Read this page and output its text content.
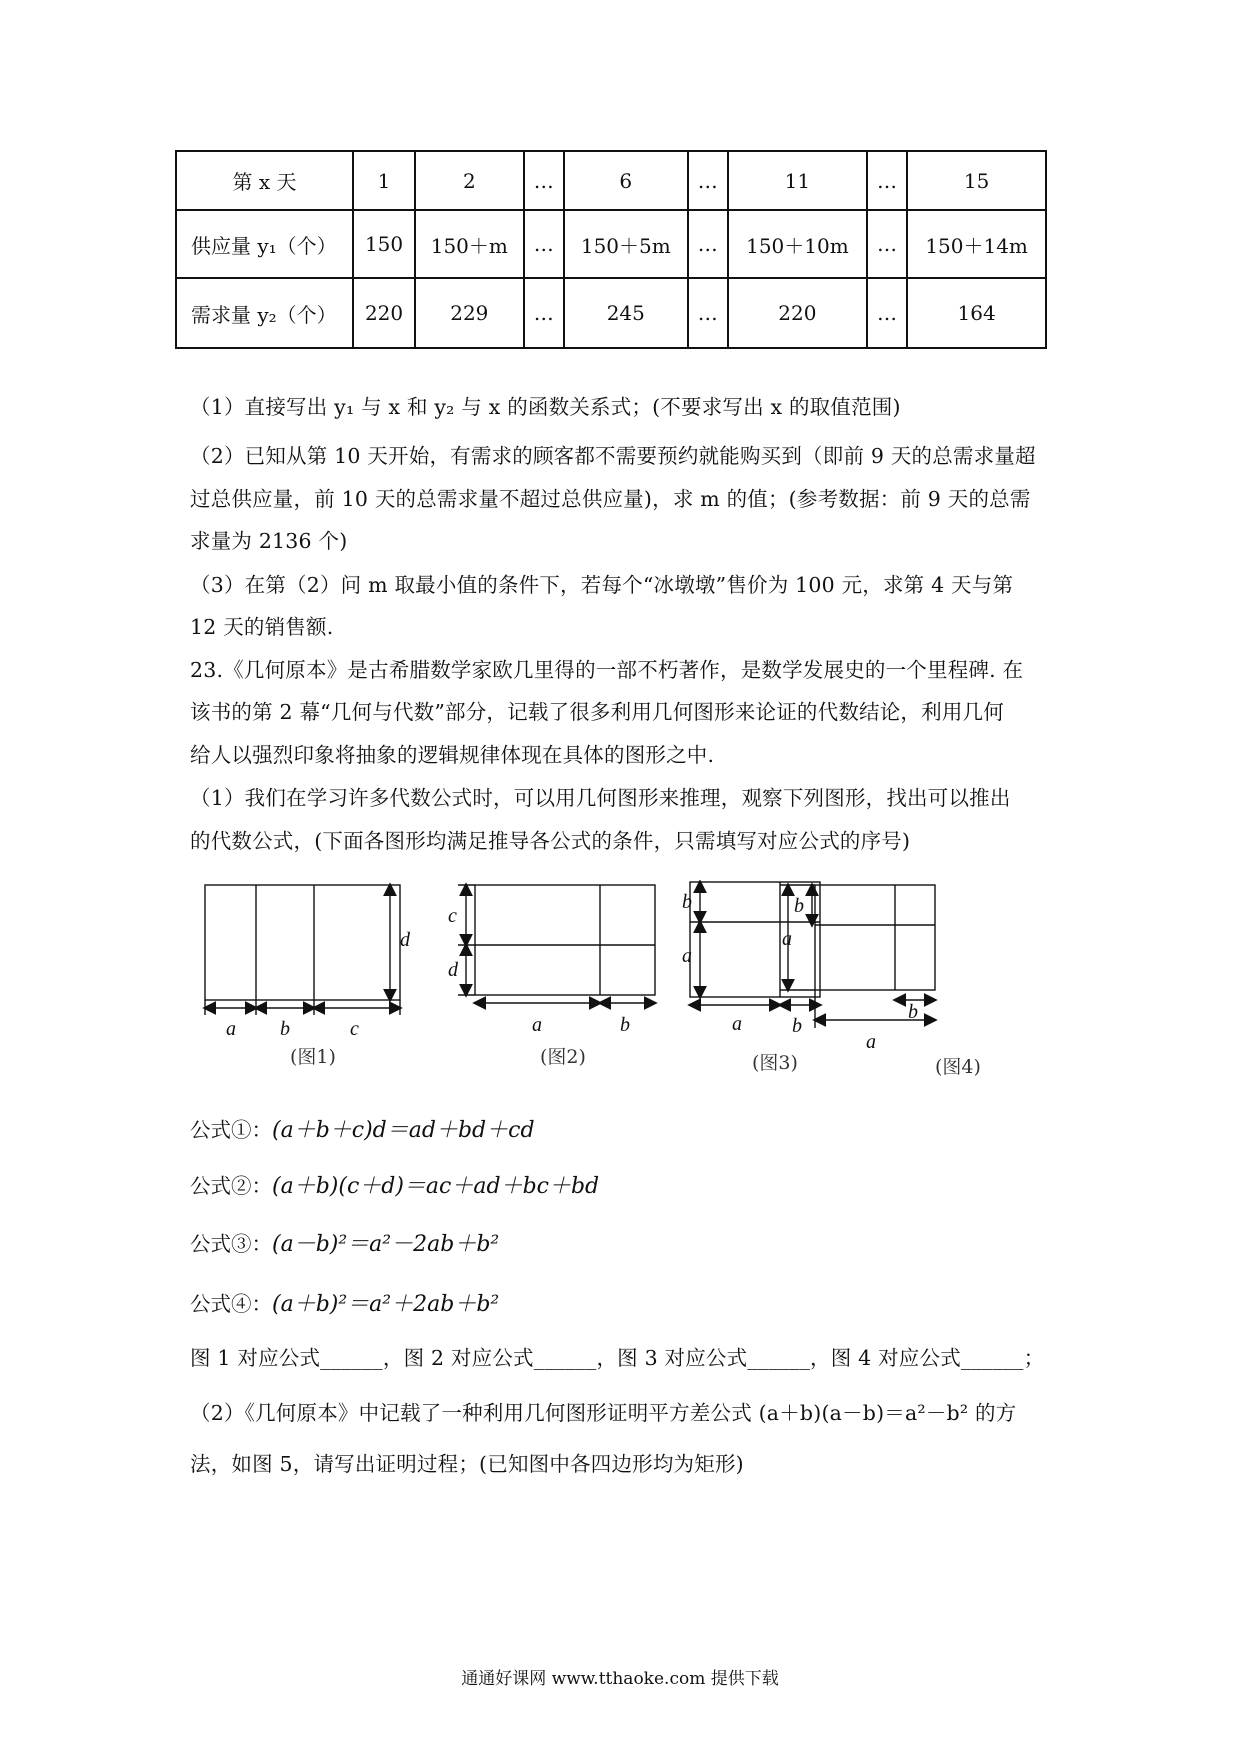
第 x 天	1	2	…	6	…	11	…	15
供应量 y₁（个）	150	150＋m	…	150＋5m	…	150＋10m	…	150＋14m
需求量 y₂（个）	220	229	…	245	…	220	…	164
（1）直接写出 y₁ 与 x 和 y₂ 与 x 的函数关系式；(不要求写出 x 的取值范围)
（2）已知从第 10 天开始，有需求的顾客都不需要预约就能购买到（即前 9 天的总需求量超
过总供应量，前 10 天的总需求量不超过总供应量)，求 m 的值；(参考数据：前 9 天的总需
求量为 2136 个)
（3）在第（2）问 m 取最小值的条件下，若每个“冰墩墩”售价为 100 元，求第 4 天与第
12 天的销售额.
23.《几何原本》是古希腊数学家欧几里得的一部不朽著作，是数学发展史的一个里程碑. 在
该书的第 2 幕“几何与代数”部分，记载了很多利用几何图形来论证的代数结论，利用几何
给人以强烈印象将抽象的逻辑规律体现在具体的图形之中.
（1）我们在学习许多代数公式时，可以用几何图形来推理，观察下列图形，找出可以推出
的代数公式，(下面各图形均满足推导各公式的条件，只需填写对应公式的序号)
a b	c
d
c
d
a	b
b
a
a	b
b
a
a
b
(图1)	(图2)	(图3)	(图4)
公式①：(a＋b＋c)d＝ad＋bd＋cd
公式②：(a＋b)(c＋d)＝ac＋ad＋bc＋bd
公式③：(a－b)²＝a²－2ab＋b²
公式④：(a＋b)²＝a²＋2ab＋b²
图 1 对应公式______，图 2 对应公式______，图 3 对应公式______，图 4 对应公式______；
（2）《几何原本》中记载了一种利用几何图形证明平方差公式 (a＋b)(a－b)＝a²－b² 的方
法，如图 5，请写出证明过程；(已知图中各四边形均为矩形)
通通好课网 www.tthaoke.com 提供下载
